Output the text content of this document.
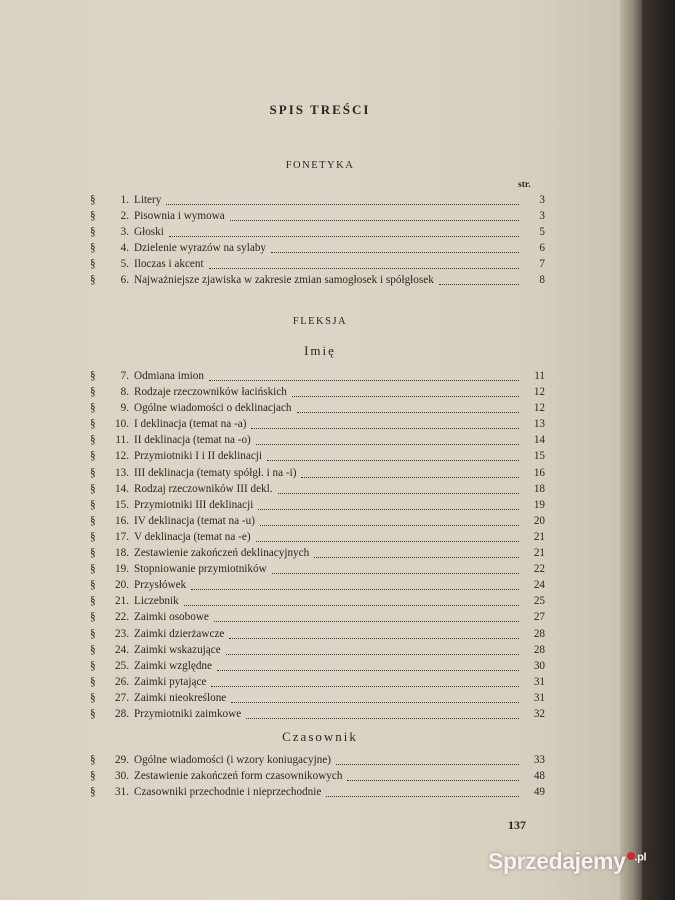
SPIS TREŚCI
FONETYKA
str.
§	1. Litery	3
§	2. Pisownia i wymowa	3
§	3. Głoski	5
§	4. Dzielenie wyrazów na sylaby	6
§	5. Iloczas i akcent	7
§	6. Najważniejsze zjawiska w zakresie zmian samogłosek i spółgłosek	8
FLEKSJA
Imię
§	7. Odmiana imion	11
§	8. Rodzaje rzeczowników łacińskich	12
§	9. Ogólne wiadomości o deklinacjach	12
§	10. I deklinacja (temat na -a)	13
§	11. II deklinacja (temat na -o)	14
§	12. Przymiotniki I i II deklinacji	15
§	13. III deklinacja (tematy spółgł. i na -i)	16
§	14. Rodzaj rzeczowników III dekl.	18
§	15. Przymiotniki III deklinacji	19
§	16. IV deklinacja (temat na -u)	20
§	17. V deklinacja (temat na -e)	21
§	18. Zestawienie zakończeń deklinacyjnych	21
§	19. Stopniowanie przymiotników	22
§	20. Przysłówek	24
§	21. Liczebnik	25
§	22. Zaimki osobowe	27
§	23. Zaimki dzierżawcze	28
§	24. Zaimki wskazujące	28
§	25. Zaimki względne	30
§	26. Zaimki pytające	31
§	27. Zaimki nieokreślone	31
§	28. Przymiotniki zaimkowe	32
Czasownik
§	29. Ogólne wiadomości (i wzory koniugacyjne)	33
§	30. Zestawienie zakończeń form czasownikowych	48
§	31. Czasowniki przechodnie i nieprzechodnie	49
137
Sprzedajemy $^{.pl}$
